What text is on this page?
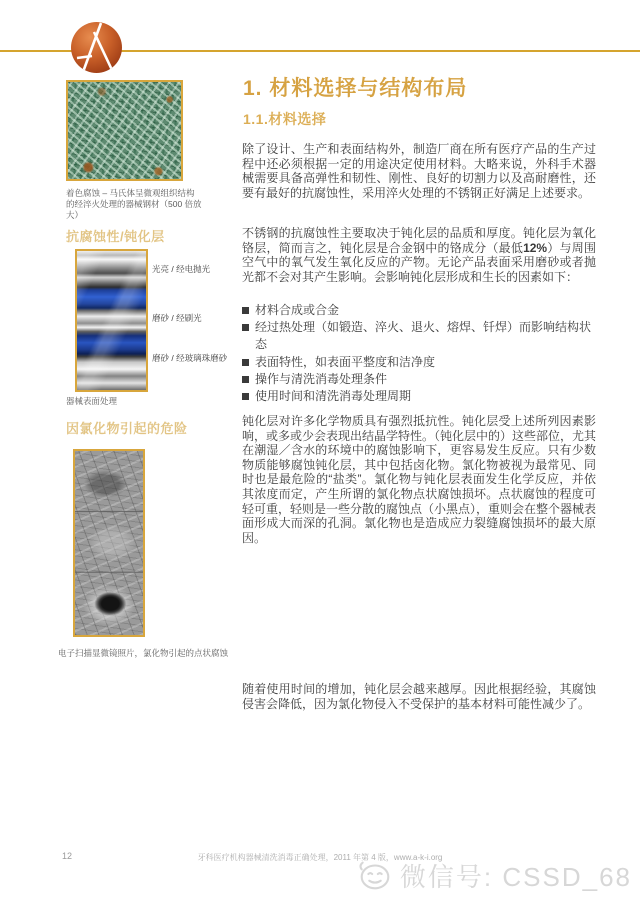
着色腐蚀 – 马氏体呈微观组织结构的经淬火处理的器械钢材（500 倍放大）
抗腐蚀性/钝化层
光亮 / 经电抛光
磨砂 / 经刷光
磨砂 / 经玻璃珠磨砂
器械表面处理
因氯化物引起的危险
电子扫描显微镜照片，氯化物引起的点状腐蚀
1. 材料选择与结构布局
1.1.材料选择
除了设计、生产和表面结构外，制造厂商在所有医疗产品的生产过程中还必须根据一定的用途决定使用材料。大略来说，外科手术器械需要具备高弹性和韧性、刚性、良好的切割力以及高耐磨性，还要有最好的抗腐蚀性，采用淬火处理的不锈钢正好满足上述要求。
不锈钢的抗腐蚀性主要取决于钝化层的品质和厚度。钝化层为氧化铬层，简而言之，钝化层是合金钢中的铬成分（最低12%）与周围空气中的氧气发生氧化反应的产物。无论产品表面采用磨砂或者抛光都不会对其产生影响。会影响钝化层形成和生长的因素如下：
材料合成或合金
经过热处理（如锻造、淬火、退火、熔焊、钎焊）而影响结构状态
表面特性，如表面平整度和洁净度
操作与清洗消毒处理条件
使用时间和清洗消毒处理周期
钝化层对许多化学物质具有强烈抵抗性。钝化层受上述所列因素影响，或多或少会表现出结晶学特性。（钝化层中的）这些部位，尤其在潮湿／含水的环境中的腐蚀影响下，更容易发生反应。只有少数物质能够腐蚀钝化层，其中包括卤化物。氯化物被视为最常见、同时也是最危险的“盐类”。氯化物与钝化层表面发生化学反应，并依其浓度而定，产生所谓的氯化物点状腐蚀损坏。点状腐蚀的程度可轻可重，轻则是一些分散的腐蚀点（小黑点），重则会在整个器械表面形成大而深的孔洞。氯化物也是造成应力裂缝腐蚀损坏的最大原因。
随着使用时间的增加，钝化层会越来越厚。因此根据经验，其腐蚀侵害会降低，因为氯化物侵入不受保护的基本材料可能性减少了。
12	牙科医疗机构器械清洗消毒正确处理，2011 年第 4 版，www.a-k-i.org
微信号: CSSD_68
